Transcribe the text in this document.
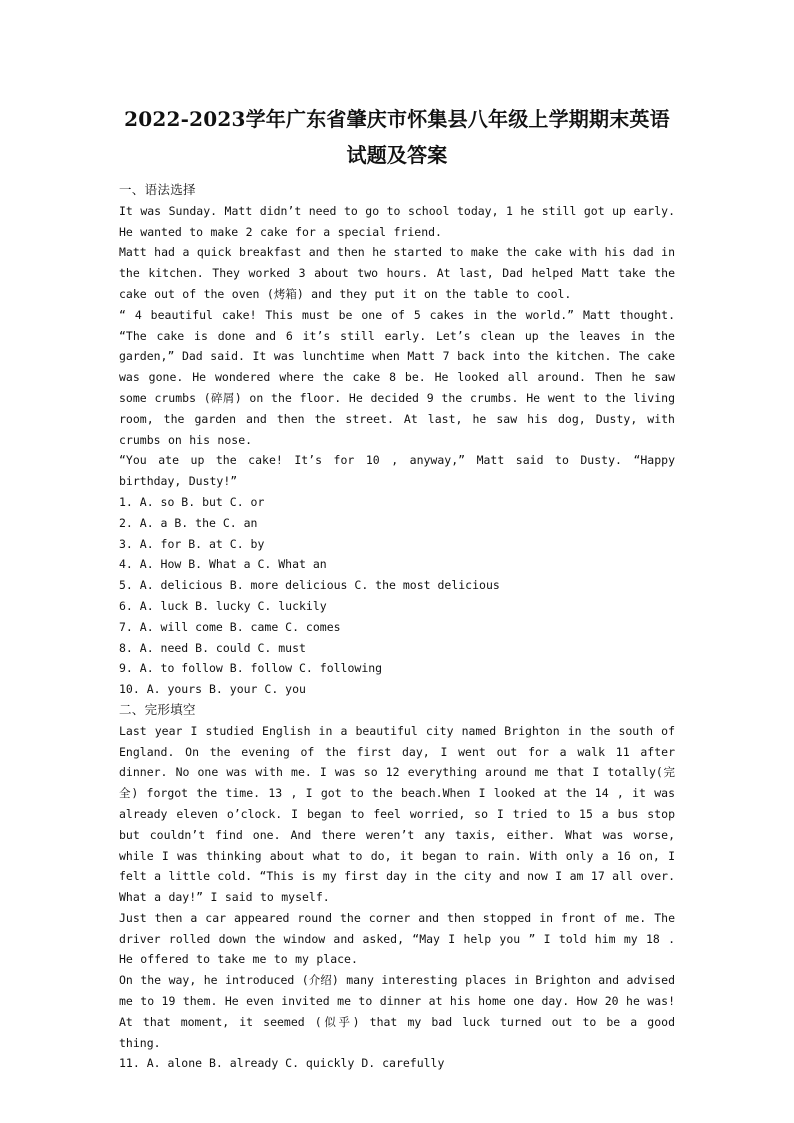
2022-2023学年广东省肇庆市怀集县八年级上学期期末英语
试题及答案
一、语法选择

It was Sunday. Matt didn’t need to go to school today, 1 he still got up early. He wanted to make 2 cake for a special friend.

Matt had a quick breakfast and then he started to make the cake with his dad in the kitchen. They worked 3 about two hours. At last, Dad helped Matt take the cake out of the oven (烤箱) and they put it on the table to cool.

“ 4 beautiful cake! This must be one of 5 cakes in the world.” Matt thought. “The cake is done and 6 it’s still early. Let’s clean up the leaves in the garden,” Dad said. It was lunchtime when Matt 7 back into the kitchen. The cake was gone. He wondered where the cake 8 be. He looked all around. Then he saw some crumbs (碎屑) on the floor. He decided 9 the crumbs. He went to the living room, the garden and then the street. At last, he saw his dog, Dusty, with crumbs on his nose.

“You ate up the cake! It’s for 10 , anyway,” Matt said to Dusty. “Happy birthday, Dusty!”

1. A. so B. but C. or

2. A. a B. the C. an

3. A. for B. at C. by

4. A. How B. What a C. What an

5. A. delicious B. more delicious C. the most delicious

6. A. luck B. lucky C. luckily

7. A. will come B. came C. comes

8. A. need B. could C. must

9. A. to follow B. follow C. following

10. A. yours B. your C. you

二、完形填空

Last year I studied English in a beautiful city named Brighton in the south of England. On the evening of the first day, I went out for a walk 11 after dinner. No one was with me. I was so 12 everything around me that I totally(完全) forgot the time. 13 , I got to the beach.When I looked at the 14 , it was already eleven o’clock. I began to feel worried, so I tried to 15 a bus stop but couldn’t find one. And there weren’t any taxis, either. What was worse, while I was thinking about what to do, it began to rain. With only a 16 on, I felt a little cold. “This is my first day in the city and now I am 17 all over. What a day!” I said to myself.

Just then a car appeared round the corner and then stopped in front of me. The driver rolled down the window and asked, “May I help you ” I told him my 18 . He offered to take me to my place.

On the way, he introduced (介绍) many interesting places in Brighton and advised me to 19 them. He even invited me to dinner at his home one day. How 20 he was! At that moment, it seemed (似乎) that my bad luck turned out to be a good thing.

11. A. alone B. already C. quickly D. carefully
